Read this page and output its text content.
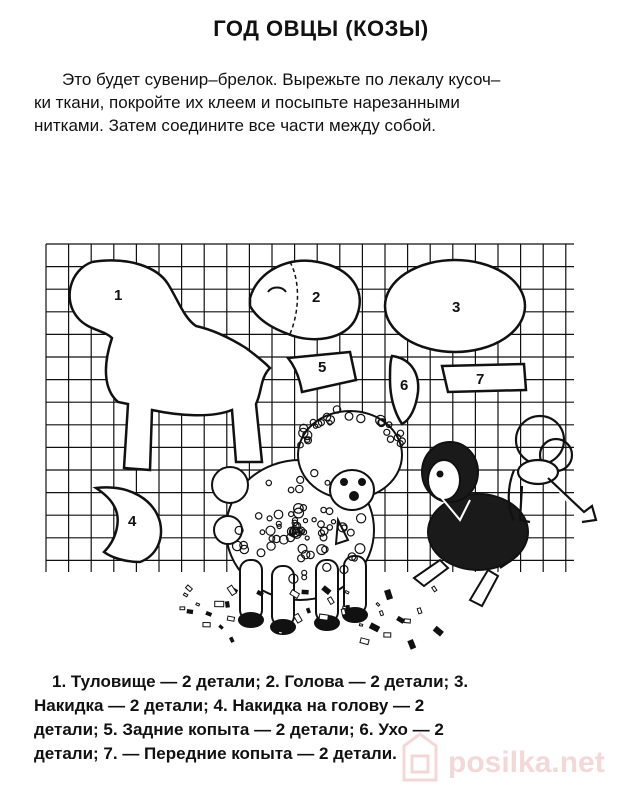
ГОД ОВЦЫ (КОЗЫ)
Это будет сувенир–брелок. Вырежьте по лекалу кусоч–
ки ткани, покройте их клеем и посыпьте нарезанными
нитками. Затем соедините все части между собой.
1	2
3
4
5
6	7
1. Туловище — 2 детали; 2. Голова — 2 детали; 3.
Накидка — 2 детали; 4. Накидка на голову — 2
детали; 5. Задние копыта — 2 детали; 6. Ухо — 2
детали; 7. — Передние копыта — 2 детали.	posilka.net
